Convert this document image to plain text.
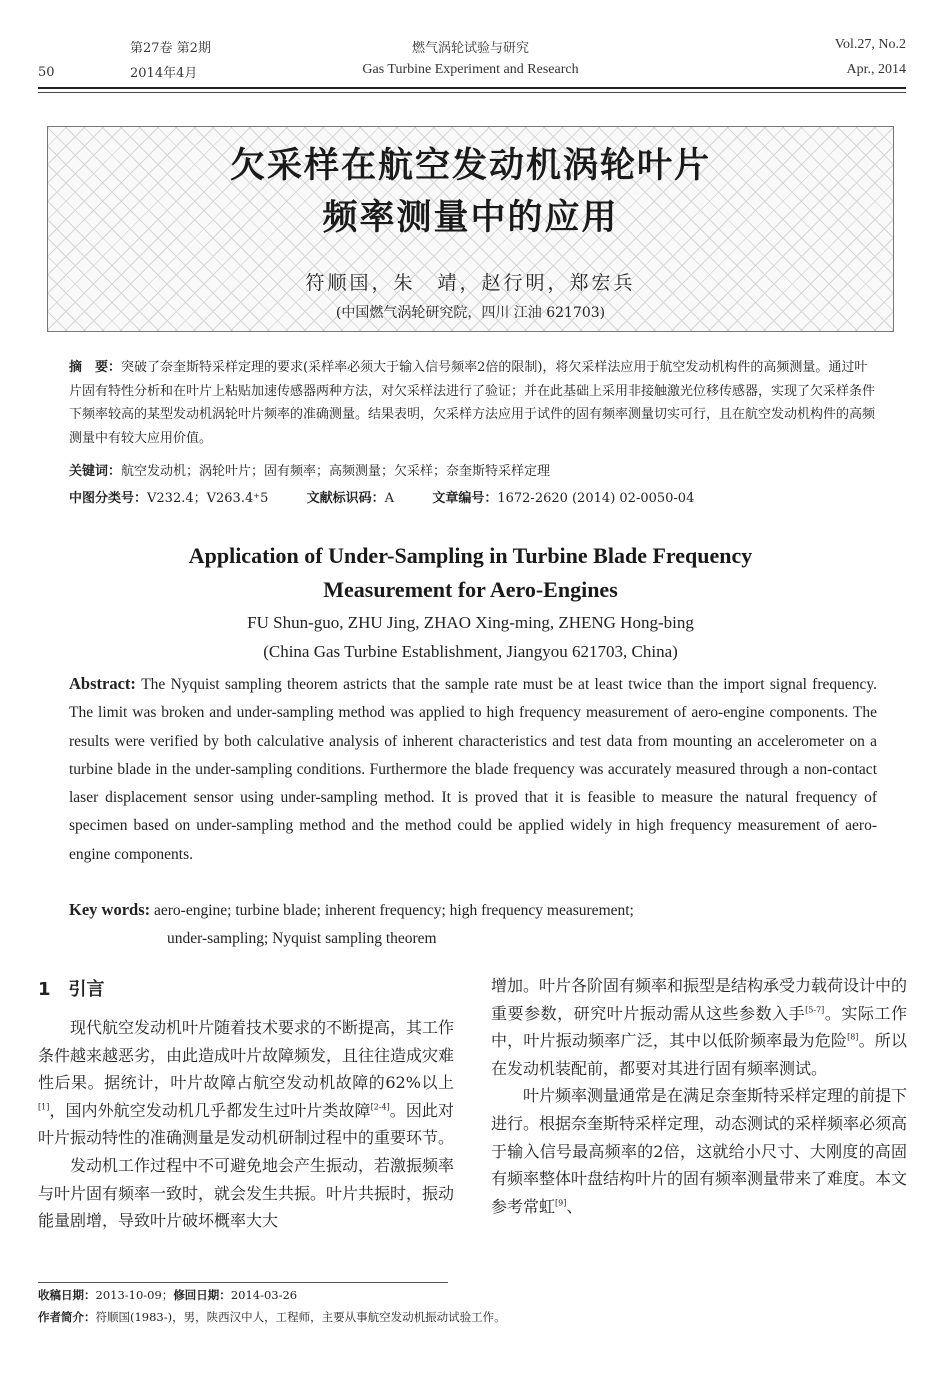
第27卷 第2期
2014年4月
50
燃气涡轮试验与研究
Gas Turbine Experiment and Research
Vol.27, No.2
Apr., 2014
欠采样在航空发动机涡轮叶片
频率测量中的应用
符顺国，朱　靖，赵行明，郑宏兵
(中国燃气涡轮研究院，四川 江油 621703)
摘　要：突破了奈奎斯特采样定理的要求(采样率必须大于输入信号频率2倍的限制)，将欠采样法应用于航空发动机构件的高频测量。通过叶片固有特性分析和在叶片上粘贴加速传感器两种方法，对欠采样法进行了验证；并在此基础上采用非接触激光位移传感器，实现了欠采样条件下频率较高的某型发动机涡轮叶片频率的准确测量。结果表明，欠采样方法应用于试件的固有频率测量切实可行，且在航空发动机构件的高频测量中有较大应用价值。
关键词：航空发动机；涡轮叶片；固有频率；高频测量；欠采样；奈奎斯特采样定理
中图分类号：V232.4；V263.4⁺5	文献标识码：A	文章编号：1672-2620 (2014) 02-0050-04
Application of Under-Sampling in Turbine Blade Frequency
Measurement for Aero-Engines
FU Shun-guo, ZHU Jing, ZHAO Xing-ming, ZHENG Hong-bing
(China Gas Turbine Establishment, Jiangyou 621703, China)
Abstract: The Nyquist sampling theorem astricts that the sample rate must be at least twice than the import signal frequency. The limit was broken and under-sampling method was applied to high frequency measurement of aero-engine components. The results were verified by both calculative analysis of inherent characteristics and test data from mounting an accelerometer on a turbine blade in the under-sampling conditions. Furthermore the blade frequency was accurately measured through a non-contact laser displacement sensor using under-sampling method. It is proved that it is feasible to measure the natural frequency of specimen based on under-sampling method and the method could be applied widely in high frequency measurement of aero-engine components.
Key words: aero-engine; turbine blade; inherent frequency; high frequency measurement;
under-sampling; Nyquist sampling theorem
1　引言

现代航空发动机叶片随着技术要求的不断提高，其工作条件越来越恶劣，由此造成叶片故障频发，且往往造成灾难性后果。据统计，叶片故障占航空发动机故障的62%以上[1]，国内外航空发动机几乎都发生过叶片类故障[2-4]。因此对叶片振动特性的准确测量是发动机研制过程中的重要环节。

发动机工作过程中不可避免地会产生振动，若激振频率与叶片固有频率一致时，就会发生共振。叶片共振时，振动能量剧增，导致叶片破坏概率大大

增加。叶片各阶固有频率和振型是结构承受力载荷设计中的重要参数，研究叶片振动需从这些参数入手[5-7]。实际工作中，叶片振动频率广泛，其中以低阶频率最为危险[8]。所以在发动机装配前，都要对其进行固有频率测试。

叶片频率测量通常是在满足奈奎斯特采样定理的前提下进行。根据奈奎斯特采样定理，动态测试的采样频率必须高于输入信号最高频率的2倍，这就给小尺寸、大刚度的高固有频率整体叶盘结构叶片的固有频率测量带来了难度。本文参考常虹[9]、

收稿日期：2013-10-09；修回日期：2014-03-26
作者简介：符顺国(1983-)，男，陕西汉中人，工程师，主要从事航空发动机振动试验工作。
